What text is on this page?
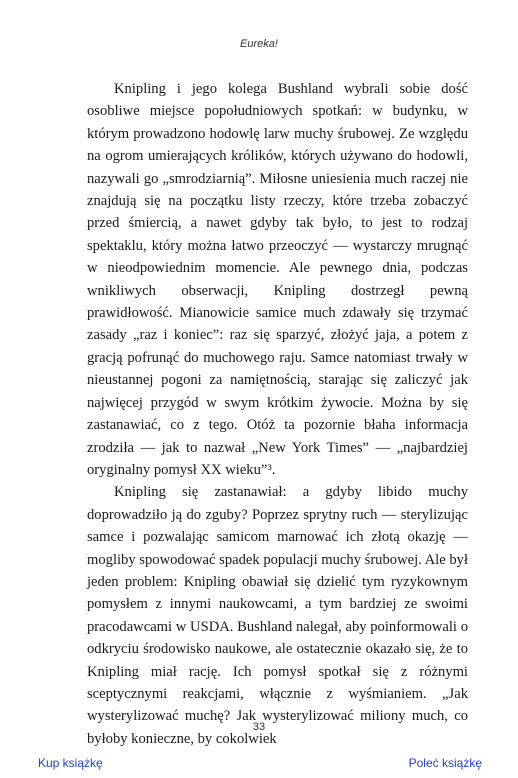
Eureka!

Knipling i jego kolega Bushland wybrali sobie dość osobliwe miejsce popołudniowych spotkań: w budynku, w którym prowadzono hodowlę larw muchy śrubowej. Ze względu na ogrom umierających królików, których używano do hodowli, nazywali go „smrodziarnią”. Miłosne uniesienia much raczej nie znajdują się na początku listy rzeczy, które trzeba zobaczyć przed śmiercią, a nawet gdyby tak było, to jest to rodzaj spektaklu, który można łatwo przeoczyć — wystarczy mrugnąć w nieodpowiednim momencie. Ale pewnego dnia, podczas wnikliwych obserwacji, Knipling dostrzegł pewną prawidłowość. Mianowicie samice much zdawały się trzymać zasady „raz i koniec”: raz się sparzyć, złożyć jaja, a potem z gracją pofrunąć do muchowego raju. Samce natomiast trwały w nieustannej pogoni za namiętnością, starając się zaliczyć jak najwięcej przygód w swym krótkim żywocie. Można by się zastanawiać, co z tego. Otóż ta pozornie błaha informacja zrodziła — jak to nazwał „New York Times” — „najbardziej oryginalny pomysł XX wieku”³.

Knipling się zastanawiał: a gdyby libido muchy doprowadziło ją do zguby? Poprzez sprytny ruch — sterylizując samce i pozwalając samicom marnować ich złotą okazję — mogliby spowodować spadek populacji muchy śrubowej. Ale był jeden problem: Knipling obawiał się dzielić tym ryzykownym pomysłem z innymi naukowcami, a tym bardziej ze swoimi pracodawcami w USDA. Bushland nalegał, aby poinformowali o odkryciu środowisko naukowe, ale ostatecznie okazało się, że to Knipling miał rację. Ich pomysł spotkał się z różnymi sceptycznymi reakcjami, włącznie z wyśmianiem. „Jak wysterylizować muchę? Jak wysterylizować miliony much, co byłoby konieczne, by cokolwiek

33
Kup książkę	Poleć książkę
